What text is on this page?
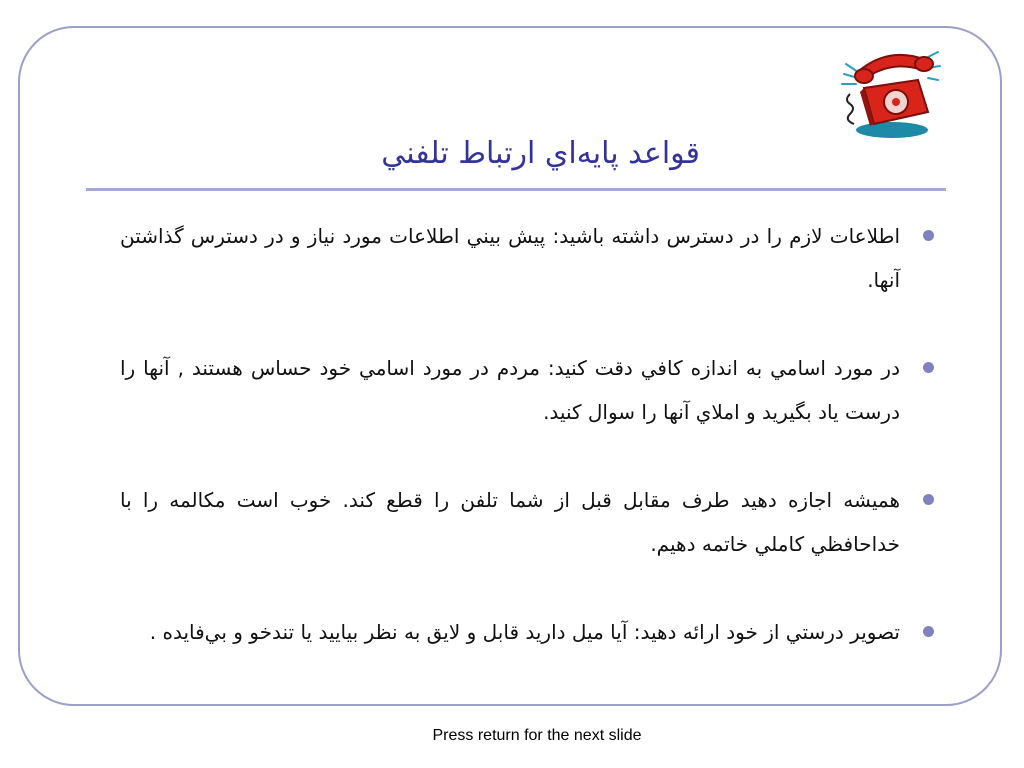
قواعد پايه‌اي ارتباط تلفني
اطلاعات لازم را در دسترس داشته باشيد: پيش بيني اطلاعات مورد نياز و در دسترس گذاشتن آنها.
در مورد اسامي به اندازه كافي دقت كنيد: مردم در مورد اسامي خود حساس هستند , آنها را درست ياد بگيريد و املاي آنها را سوال كنيد.
هميشه اجازه دهيد طرف مقابل قبل از شما تلفن را قطع كند. خوب است مكالمه را با خداحافظي كاملي خاتمه دهيم.
تصوير درستي از خود ارائه دهيد: آيا ميل داريد قابل و لايق به نظر بياييد يا تندخو و بي‌فايده .
Press return for the next slide
